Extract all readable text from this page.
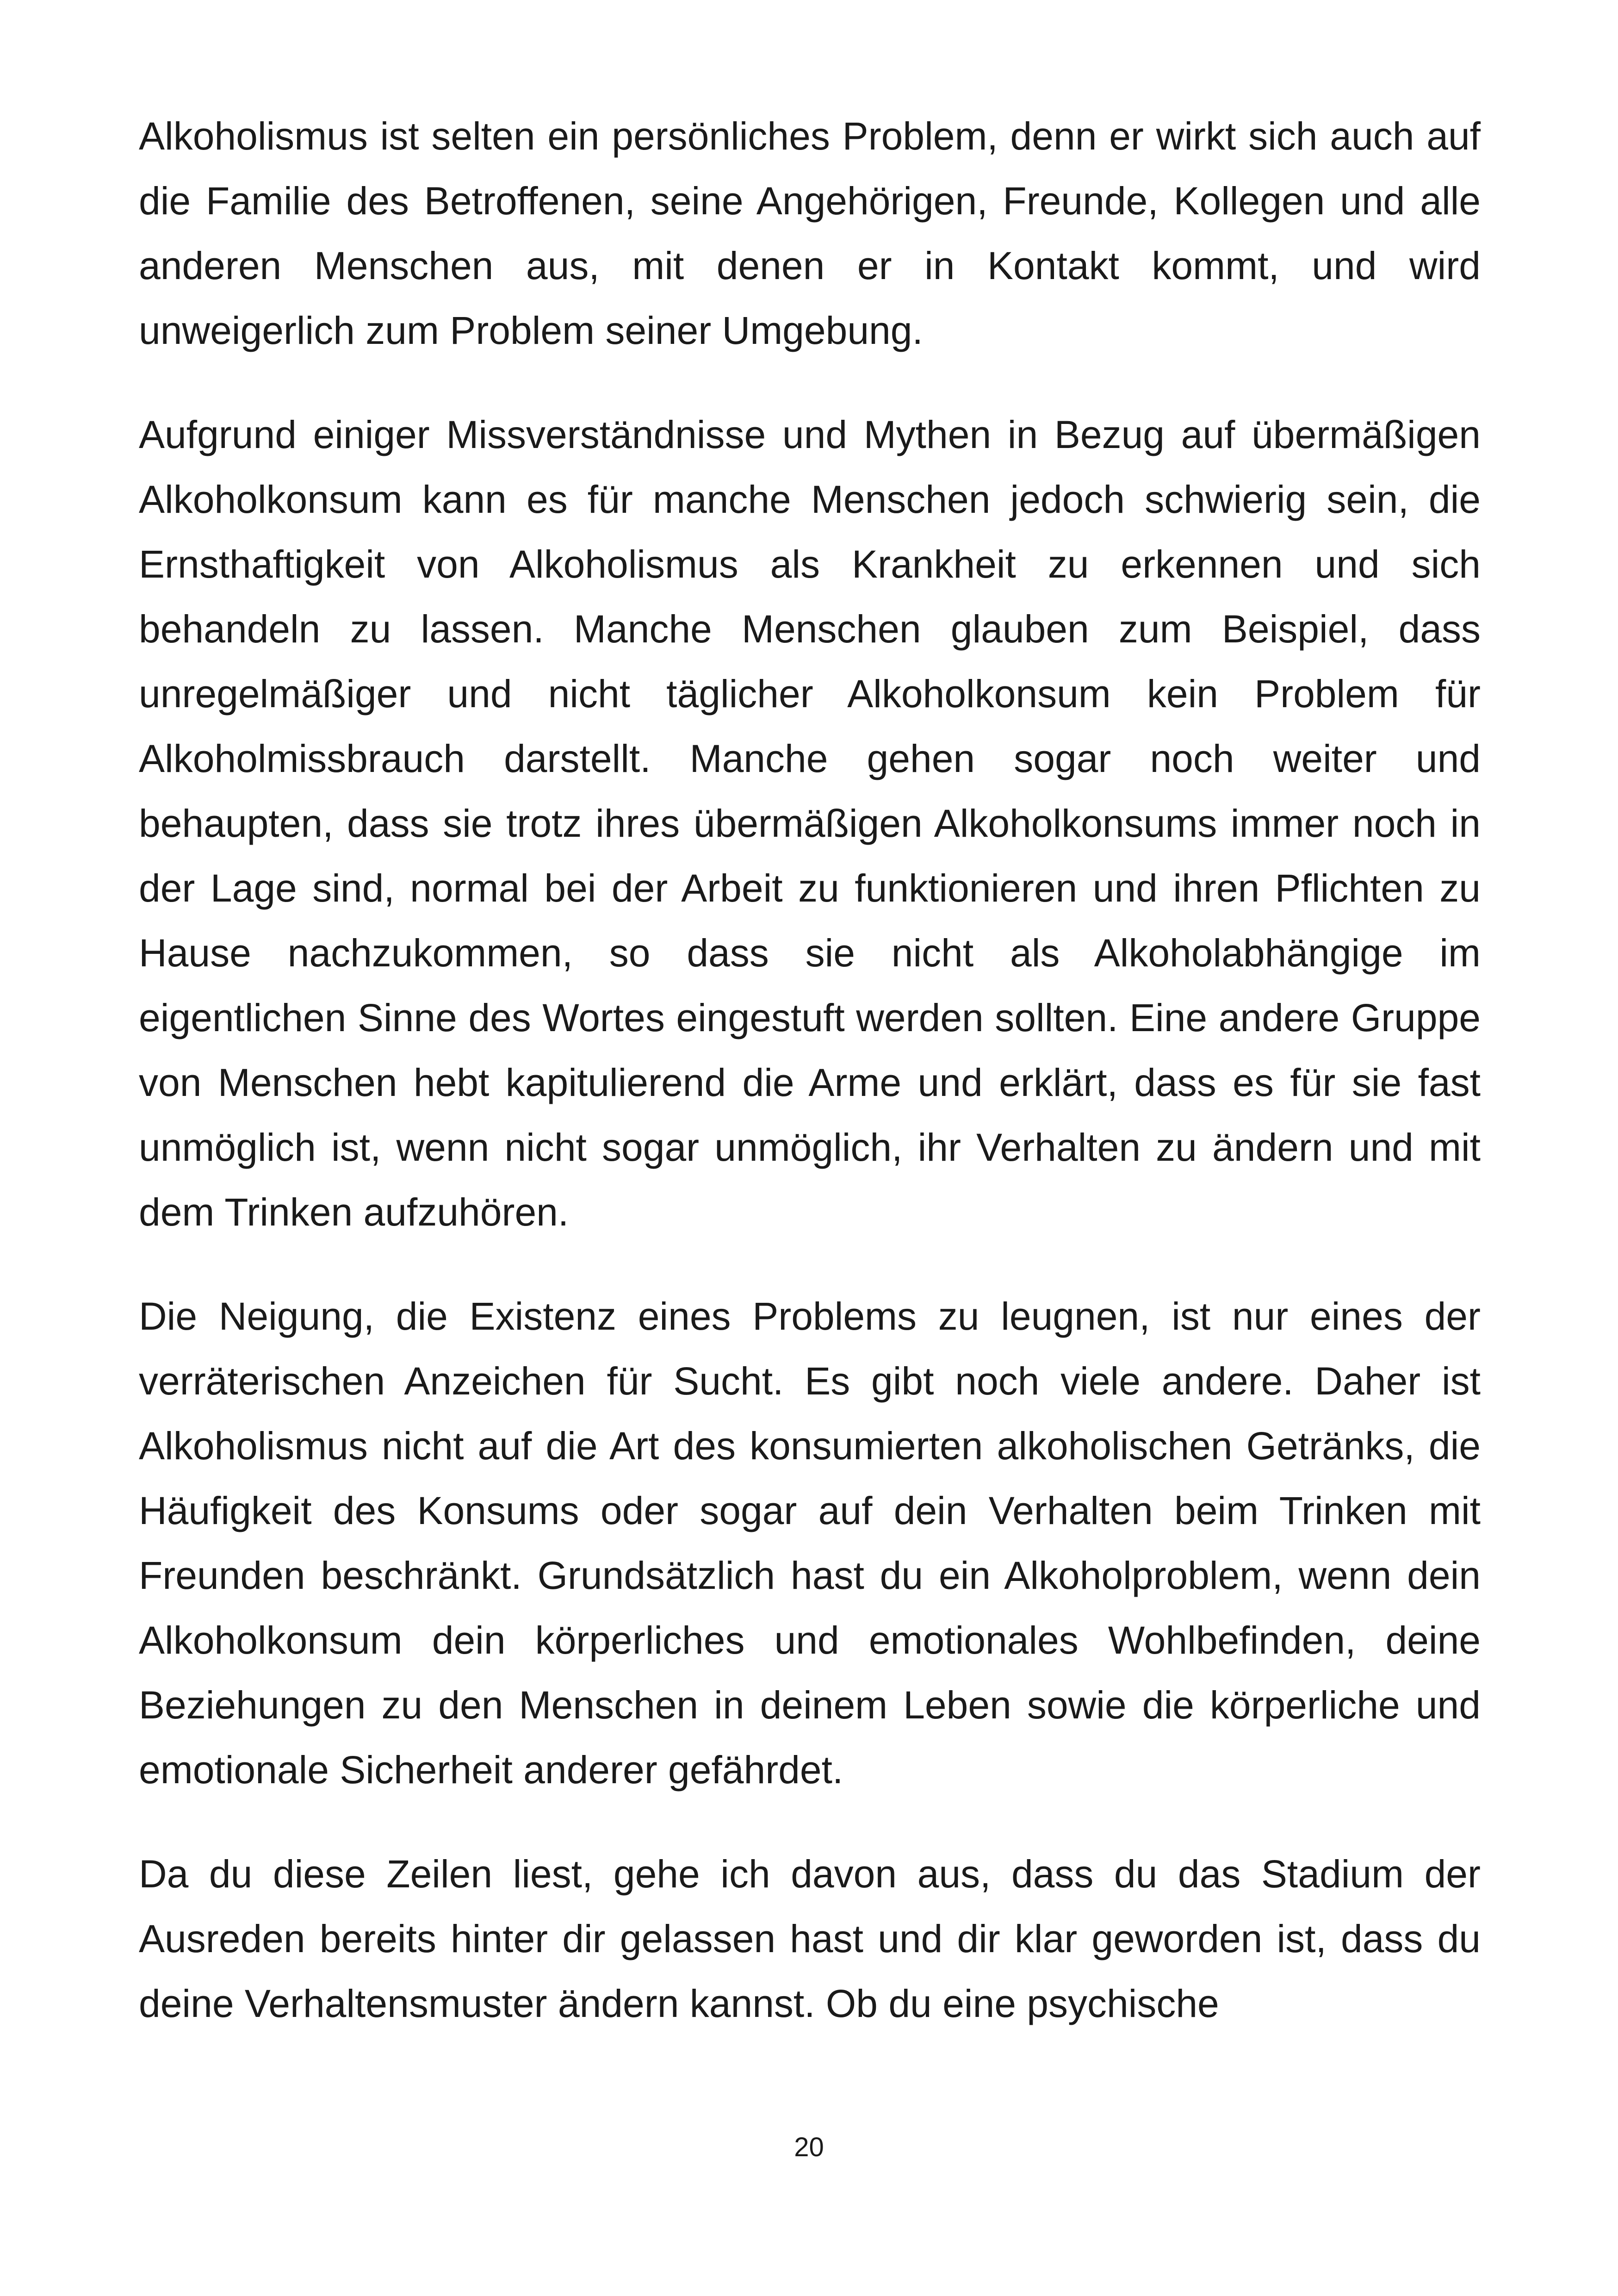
Alkoholismus ist selten ein persönliches Problem, denn er wirkt sich auch auf die Familie des Betroffenen, seine Angehörigen, Freunde, Kollegen und alle anderen Menschen aus, mit denen er in Kontakt kommt, und wird unweigerlich zum Problem seiner Umgebung.

Aufgrund einiger Missverständnisse und Mythen in Bezug auf übermäßigen Alkoholkonsum kann es für manche Menschen jedoch schwierig sein, die Ernsthaftigkeit von Alkoholismus als Krankheit zu erkennen und sich behandeln zu lassen. Manche Menschen glauben zum Beispiel, dass unregelmäßiger und nicht täglicher Alkoholkonsum kein Problem für Alkoholmissbrauch darstellt. Manche gehen sogar noch weiter und behaupten, dass sie trotz ihres übermäßigen Alkoholkonsums immer noch in der Lage sind, normal bei der Arbeit zu funktionieren und ihren Pflichten zu Hause nachzukommen, so dass sie nicht als Alkoholabhängige im eigentlichen Sinne des Wortes eingestuft werden sollten. Eine andere Gruppe von Menschen hebt kapitulierend die Arme und erklärt, dass es für sie fast unmöglich ist, wenn nicht sogar unmöglich, ihr Verhalten zu ändern und mit dem Trinken aufzuhören.

Die Neigung, die Existenz eines Problems zu leugnen, ist nur eines der verräterischen Anzeichen für Sucht. Es gibt noch viele andere. Daher ist Alkoholismus nicht auf die Art des konsumierten alkoholischen Getränks, die Häufigkeit des Konsums oder sogar auf dein Verhalten beim Trinken mit Freunden beschränkt. Grundsätzlich hast du ein Alkoholproblem, wenn dein Alkoholkonsum dein körperliches und emotionales Wohlbefinden, deine Beziehungen zu den Menschen in deinem Leben sowie die körperliche und emotionale Sicherheit anderer gefährdet.

Da du diese Zeilen liest, gehe ich davon aus, dass du das Stadium der Ausreden bereits hinter dir gelassen hast und dir klar geworden ist, dass du deine Verhaltensmuster ändern kannst. Ob du eine psychische

20
